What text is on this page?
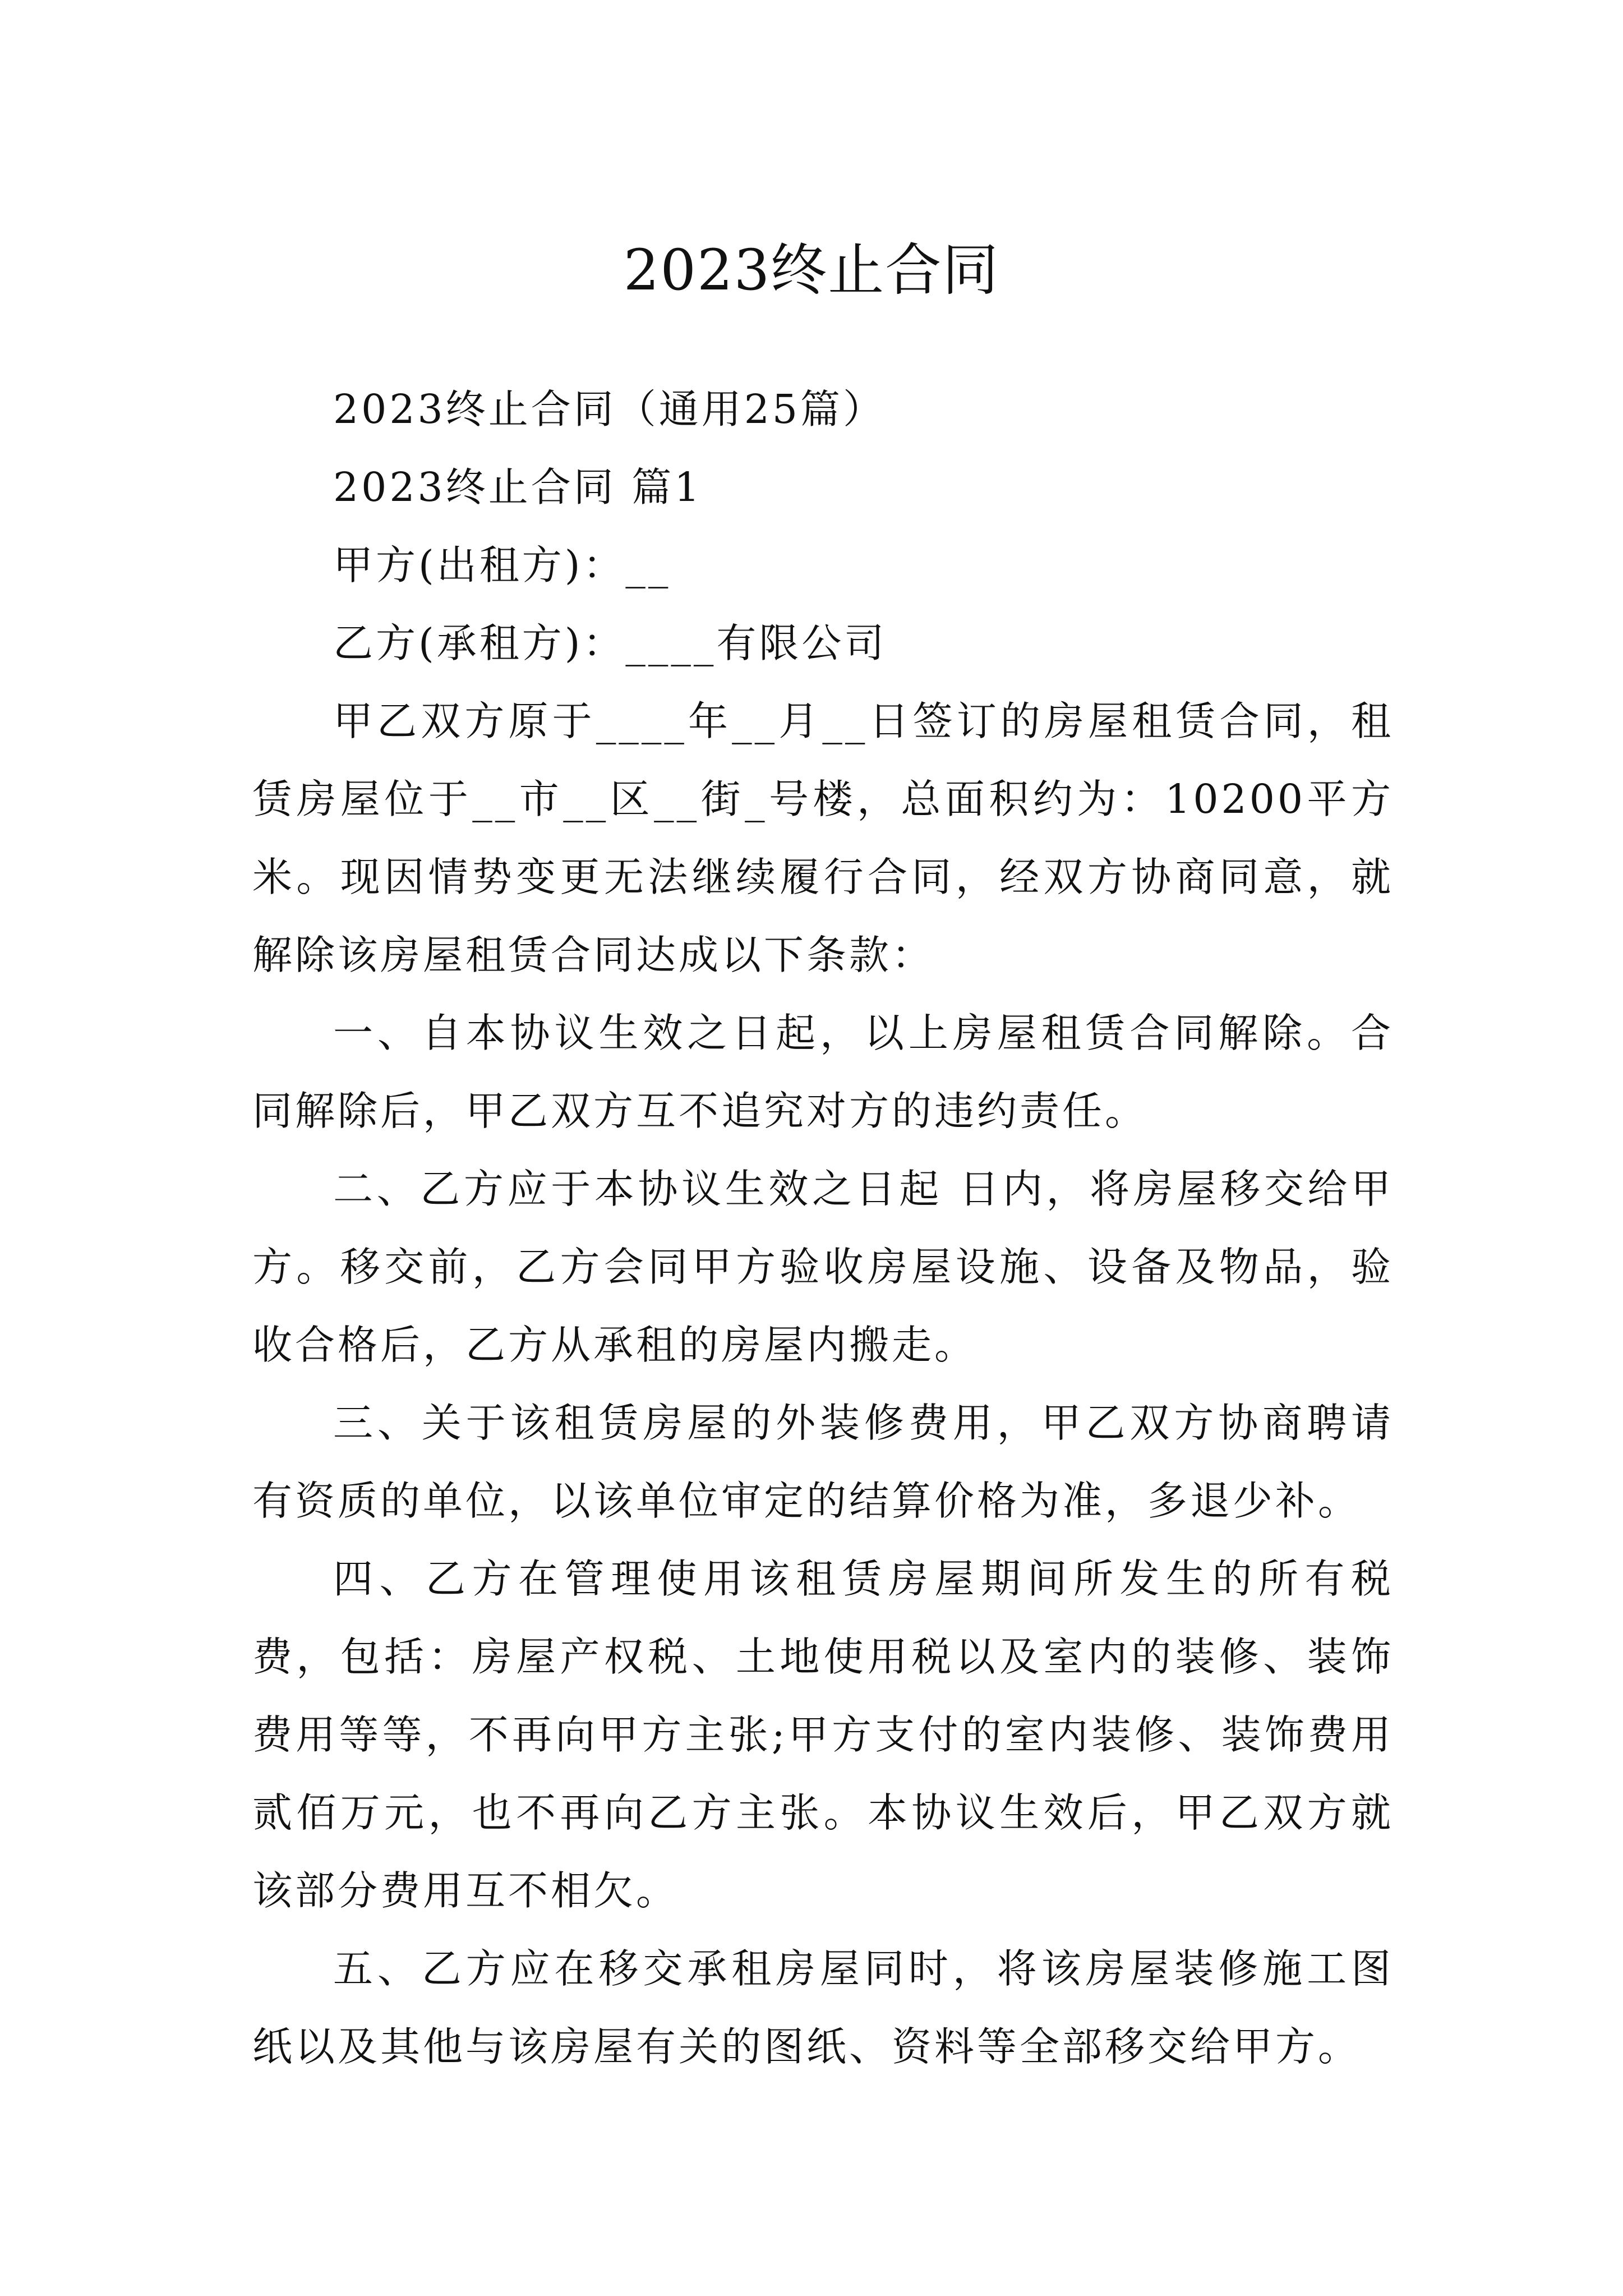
2023终止合同

2023终止合同（通用25篇）

2023终止合同 篇1

甲方(出租方)：__

乙方(承租方)：____有限公司

甲乙双方原于____年__月__日签订的房屋租赁合同，租赁房屋位于__市__区__街_号楼，总面积约为：10200平方米。现因情势变更无法继续履行合同，经双方协商同意，就解除该房屋租赁合同达成以下条款：

一、自本协议生效之日起，以上房屋租赁合同解除。合同解除后，甲乙双方互不追究对方的违约责任。

二、乙方应于本协议生效之日起 日内，将房屋移交给甲方。移交前，乙方会同甲方验收房屋设施、设备及物品，验收合格后，乙方从承租的房屋内搬走。

三、关于该租赁房屋的外装修费用，甲乙双方协商聘请有资质的单位，以该单位审定的结算价格为准，多退少补。

四、乙方在管理使用该租赁房屋期间所发生的所有税费，包括：房屋产权税、土地使用税以及室内的装修、装饰费用等等，不再向甲方主张;甲方支付的室内装修、装饰费用贰佰万元，也不再向乙方主张。本协议生效后，甲乙双方就该部分费用互不相欠。

五、乙方应在移交承租房屋同时，将该房屋装修施工图纸以及其他与该房屋有关的图纸、资料等全部移交给甲方。
